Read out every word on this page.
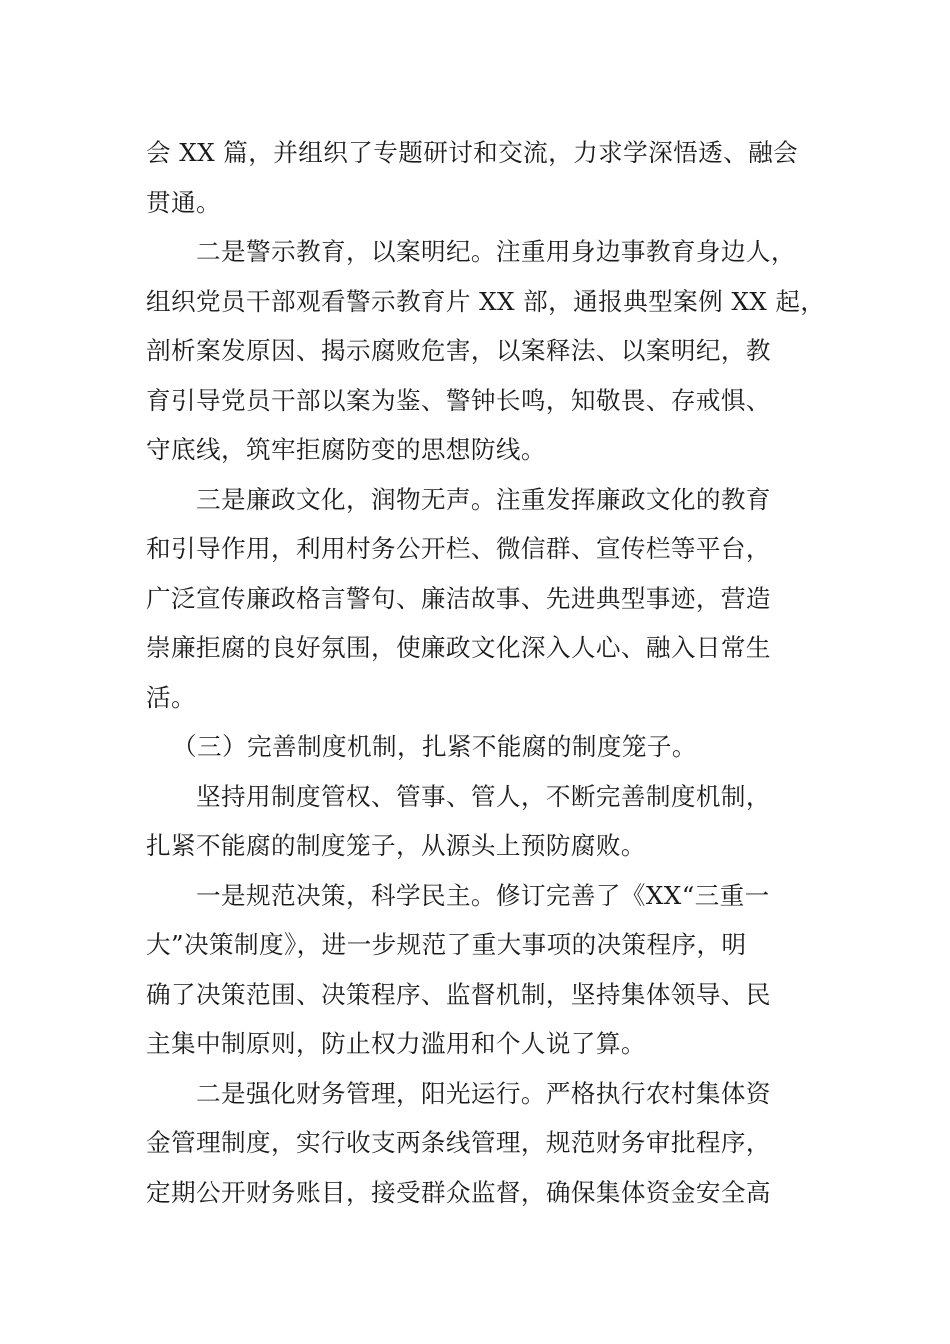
会 XX 篇，并组织了专题研讨和交流，力求学深悟透、融会
贯通。
二是警示教育，以案明纪。注重用身边事教育身边人，
组织党员干部观看警示教育片 XX 部，通报典型案例 XX 起，
剖析案发原因、揭示腐败危害，以案释法、以案明纪，教
育引导党员干部以案为鉴、警钟长鸣，知敬畏、存戒惧、
守底线，筑牢拒腐防变的思想防线。
三是廉政文化，润物无声。注重发挥廉政文化的教育
和引导作用，利用村务公开栏、微信群、宣传栏等平台，
广泛宣传廉政格言警句、廉洁故事、先进典型事迹，营造
崇廉拒腐的良好氛围，使廉政文化深入人心、融入日常生
活。
（三）完善制度机制，扎紧不能腐的制度笼子。
坚持用制度管权、管事、管人，不断完善制度机制，
扎紧不能腐的制度笼子，从源头上预防腐败。
一是规范决策，科学民主。修订完善了《XX“三重一
大”决策制度》，进一步规范了重大事项的决策程序，明
确了决策范围、决策程序、监督机制，坚持集体领导、民
主集中制原则，防止权力滥用和个人说了算。
二是强化财务管理，阳光运行。严格执行农村集体资
金管理制度，实行收支两条线管理，规范财务审批程序，
定期公开财务账目，接受群众监督，确保集体资金安全高
